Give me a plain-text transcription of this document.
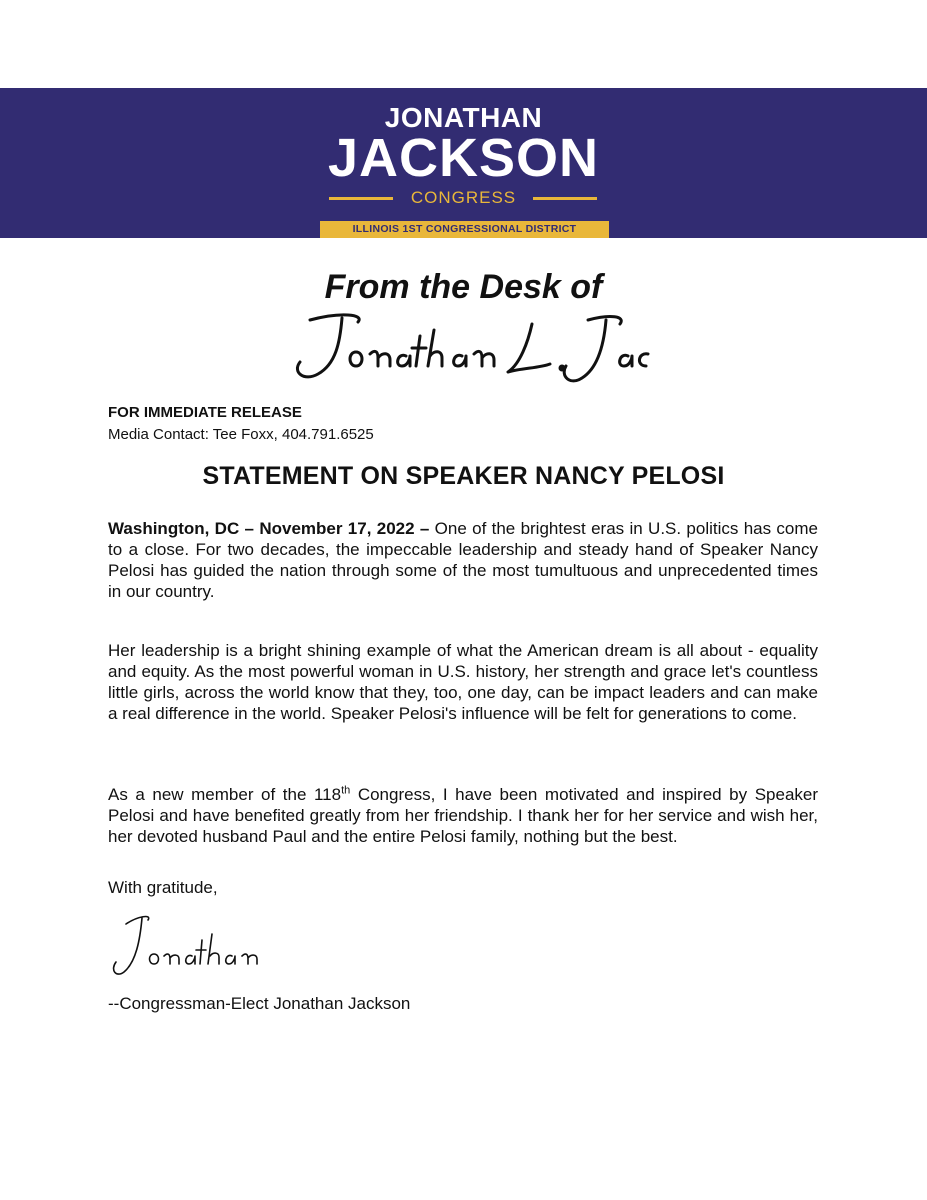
JONATHAN
JACKSON
CONGRESS
ILLINOIS 1ST CONGRESSIONAL DISTRICT
From the Desk of
FOR IMMEDIATE RELEASE
Media Contact: Tee Foxx, 404.791.6525
STATEMENT ON SPEAKER NANCY PELOSI
Washington, DC – November 17, 2022 – One of the brightest eras in U.S. politics has come to a close. For two decades, the impeccable leadership and steady hand of Speaker Nancy Pelosi has guided the nation through some of the most tumultuous and unprecedented times in our country.
Her leadership is a bright shining example of what the American dream is all about - equality and equity. As the most powerful woman in U.S. history, her strength and grace let's countless little girls, across the world know that they, too, one day, can be impact leaders and can make a real difference in the world. Speaker Pelosi's influence will be felt for generations to come.
As a new member of the 118th Congress, I have been motivated and inspired by Speaker Pelosi and have benefited greatly from her friendship. I thank her for her service and wish her, her devoted husband Paul and the entire Pelosi family, nothing but the best.
With gratitude,
--Congressman-Elect Jonathan Jackson
